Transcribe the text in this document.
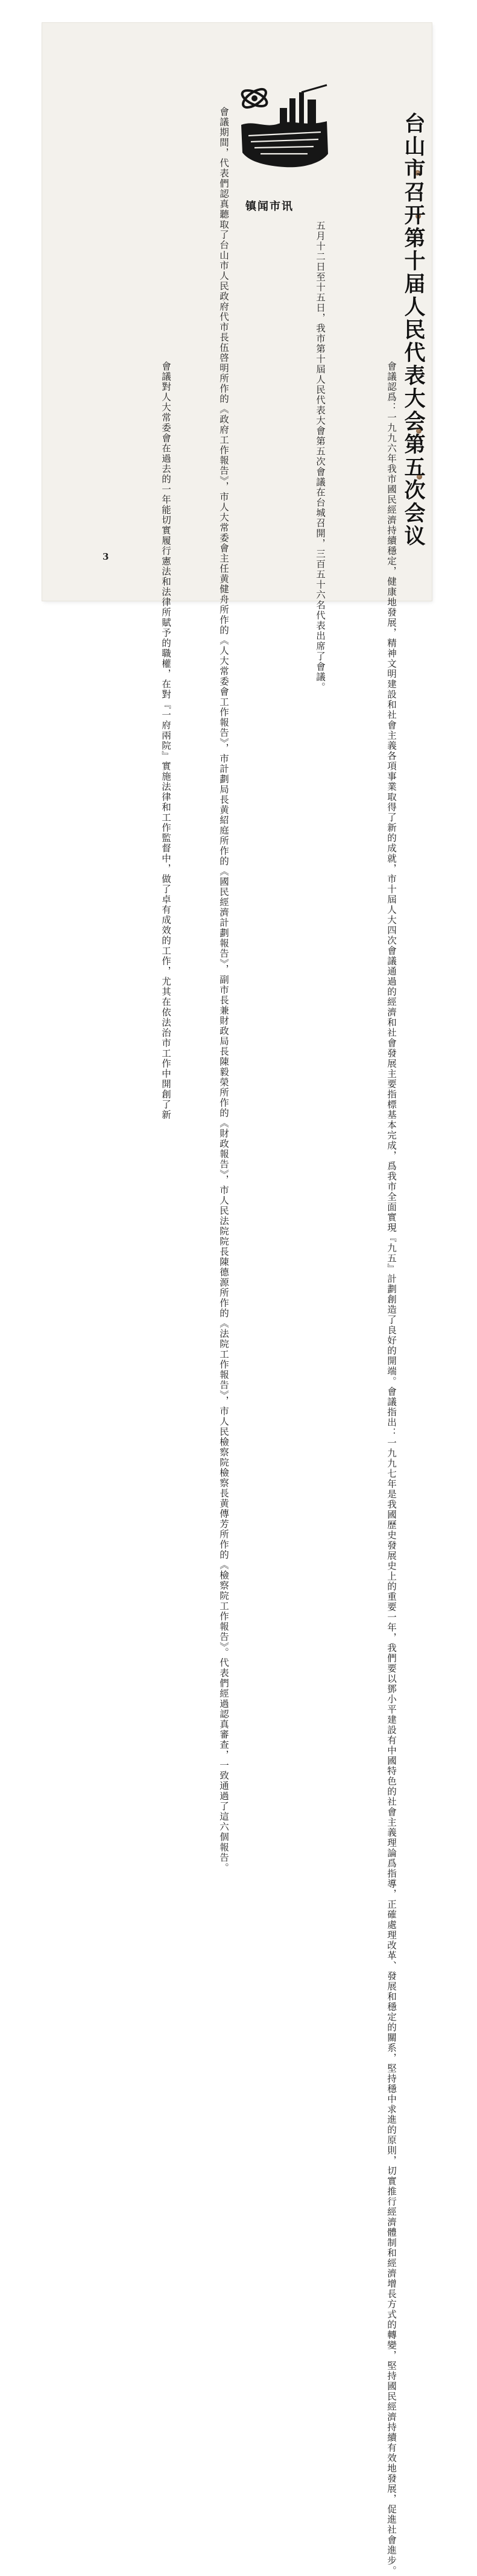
台山市召开第十届人民代表大会第五次会议
五月十二日至十五日，我市第十屆人民代表大會第五次會議在台城召開，三百五十六名代表出席了會議。
會議期間，代表們認真聽取了台山市人民政府代市長伍啓明所作的《政府工作報告》，市人大常委會主任黄健舟所作的《人大常委會工作報告》，市計劃局長黄紹庭所作的《國民經濟計劃報告》，副市長兼財政局長陳毅榮所作的《財政報告》，市人民法院院長陳德源所作的《法院工作報告》，市人民檢察院檢察長黄傳芳所作的《檢察院工作報告》。代表們經過認真審查，一致通過了這六個報告。	會議認爲：一九九六年我市國民經濟持續穩定，健康地發展，精神文明建設和社會主義各項事業取得了新的成就，市十屆人大四次會議通過的經濟和社會發展主要指標基本完成，爲我市全面實現『九五』計劃創造了良好的開端。會議指出：一九九七年是我國歷史發展史上的重要一年，我們要以鄧小平建設有中國特色的社會主義理論爲指導，正確處理改革、發展和穩定的關系，堅持穩中求進的原則，切實推行經濟體制和經濟增長方式的轉變，堅持國民經濟持續有效地發展，促進社會進步。
會議對人大常委會在過去的一年能切實履行憲法和法律所賦予的職權，在對『一府兩院』實施法律和工作監督中，做了卓有成效的工作，尤其在依法治市工作中開創了新
镇闻市讯
3
